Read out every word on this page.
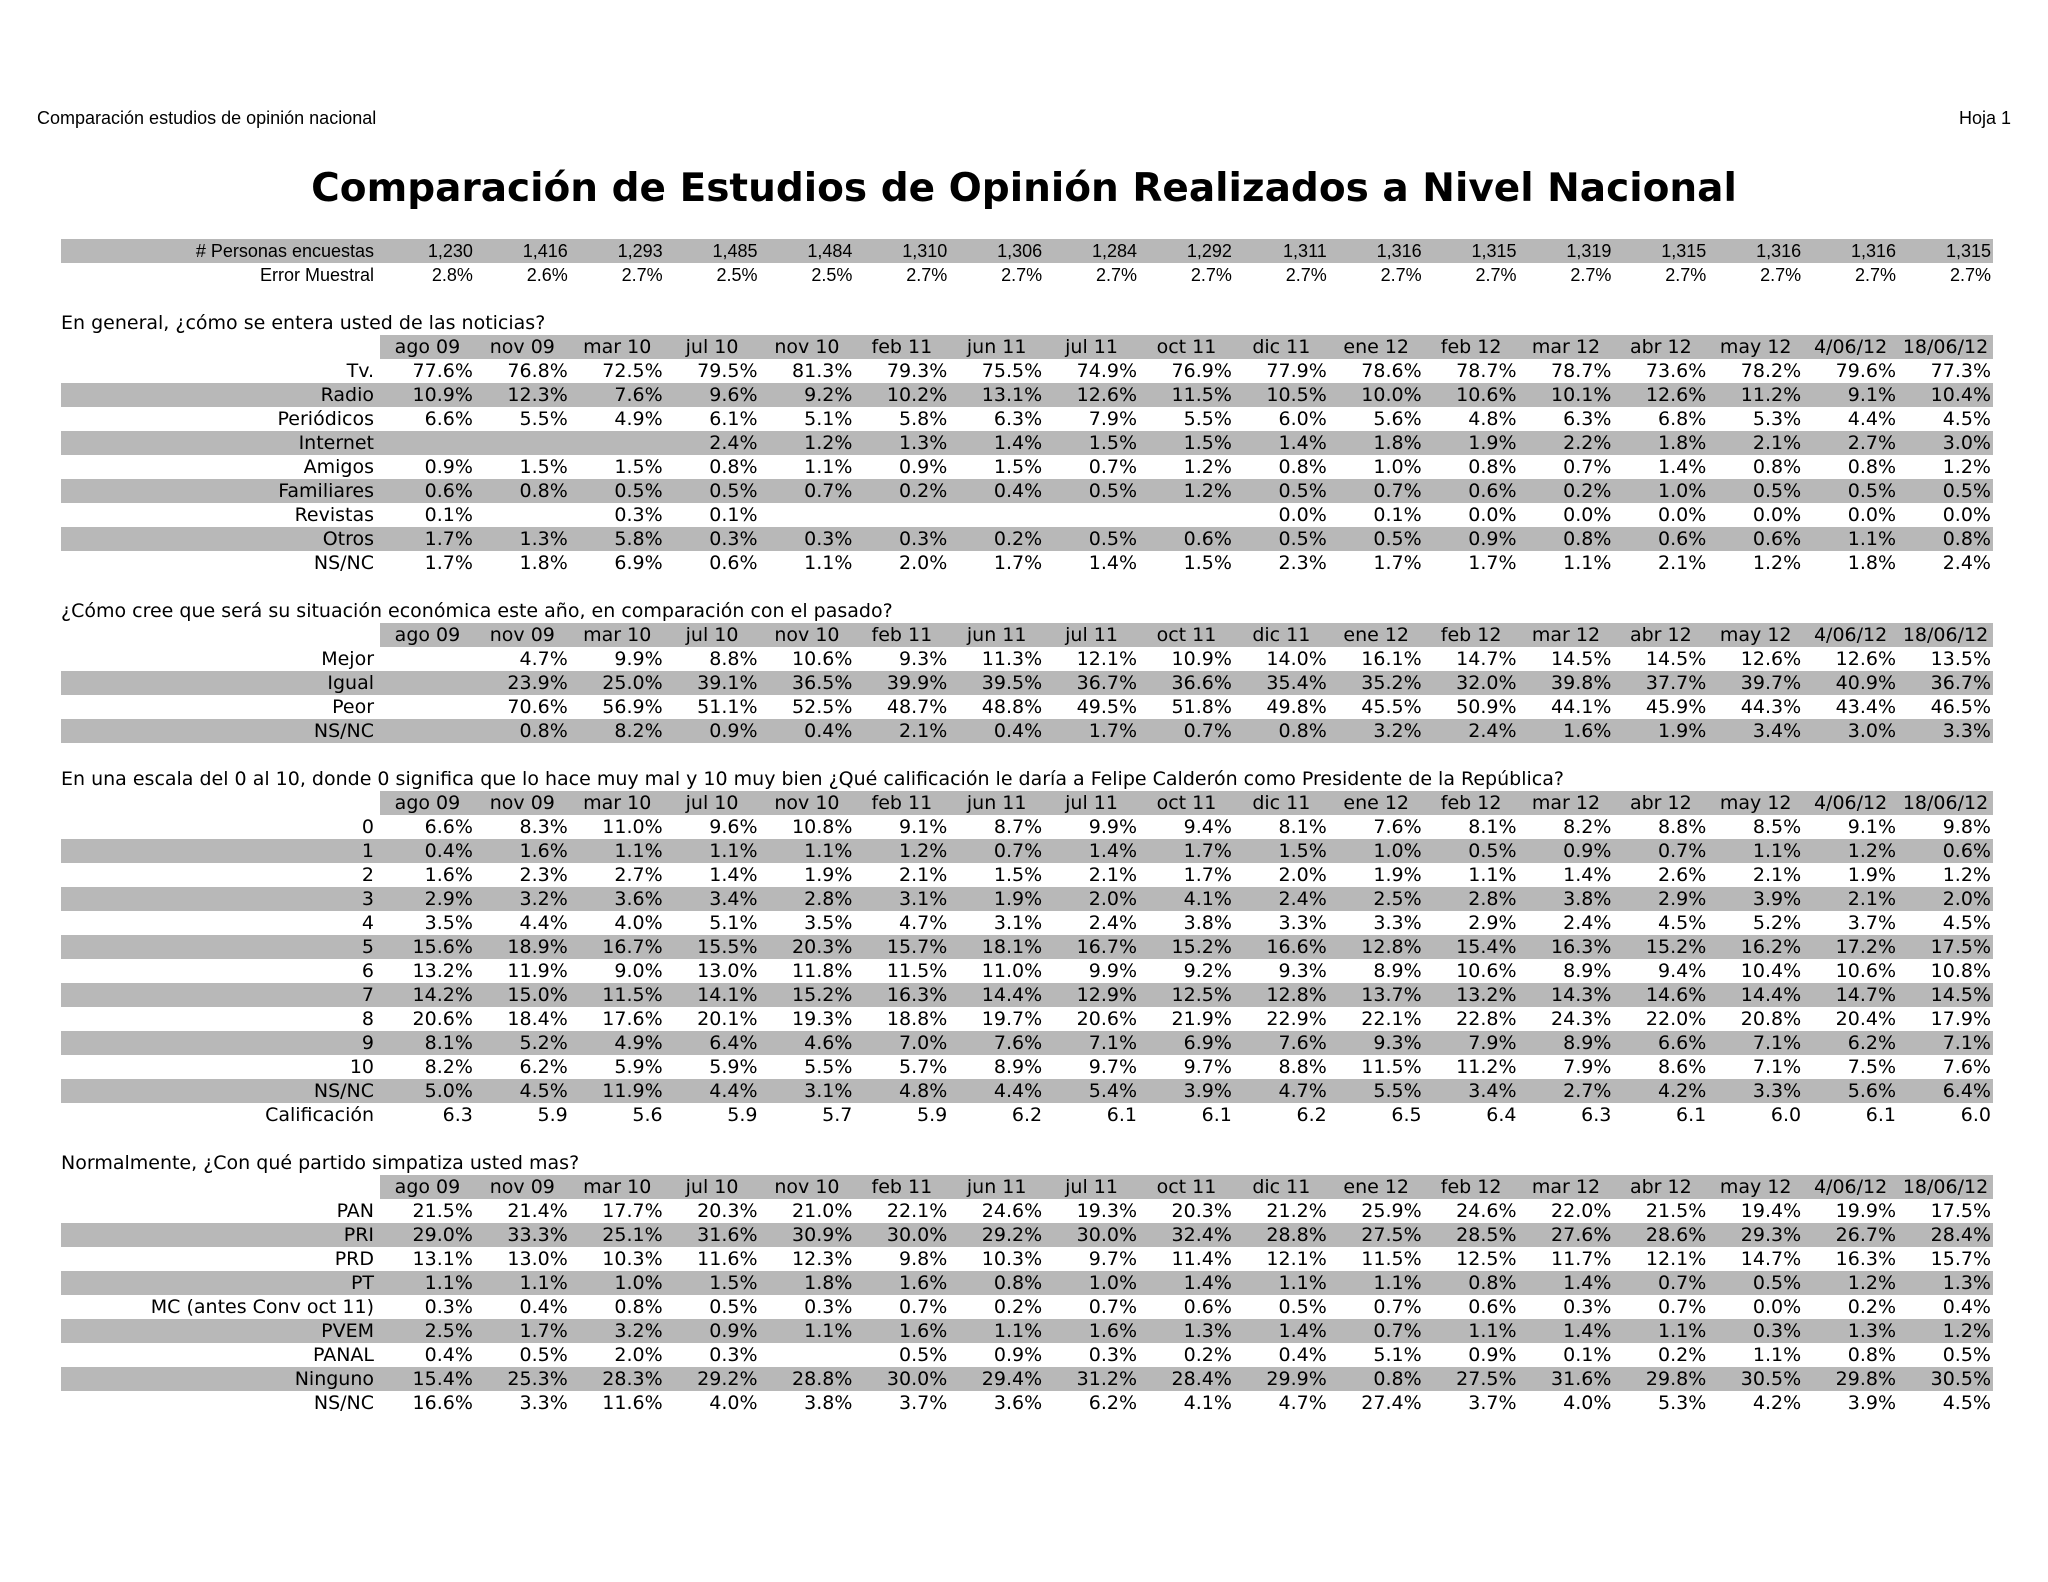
Comparación estudios de opinión nacional	Hoja 1
Comparación de Estudios de Opinión Realizados a Nivel Nacional
# Personas encuestas	1,230	1,416	1,293	1,485	1,484	1,310	1,306	1,284	1,292	1,311	1,316	1,315	1,319	1,315	1,316	1,316	1,315
Error Muestral	2.8%	2.6%	2.7%	2.5%	2.5%	2.7%	2.7%	2.7%	2.7%	2.7%	2.7%	2.7%	2.7%	2.7%	2.7%	2.7%	2.7%
En general, ¿cómo se entera usted de las noticias?
	ago 09	nov 09	mar 10	jul 10	nov 10	feb 11	jun 11	jul 11	oct 11	dic 11	ene 12	feb 12	mar 12	abr 12	may 12	4/06/12	18/06/12
Tv.	77.6%	76.8%	72.5%	79.5%	81.3%	79.3%	75.5%	74.9%	76.9%	77.9%	78.6%	78.7%	78.7%	73.6%	78.2%	79.6%	77.3%
Radio	10.9%	12.3%	7.6%	9.6%	9.2%	10.2%	13.1%	12.6%	11.5%	10.5%	10.0%	10.6%	10.1%	12.6%	11.2%	9.1%	10.4%
Periódicos	6.6%	5.5%	4.9%	6.1%	5.1%	5.8%	6.3%	7.9%	5.5%	6.0%	5.6%	4.8%	6.3%	6.8%	5.3%	4.4%	4.5%
Internet				2.4%	1.2%	1.3%	1.4%	1.5%	1.5%	1.4%	1.8%	1.9%	2.2%	1.8%	2.1%	2.7%	3.0%
Amigos	0.9%	1.5%	1.5%	0.8%	1.1%	0.9%	1.5%	0.7%	1.2%	0.8%	1.0%	0.8%	0.7%	1.4%	0.8%	0.8%	1.2%
Familiares	0.6%	0.8%	0.5%	0.5%	0.7%	0.2%	0.4%	0.5%	1.2%	0.5%	0.7%	0.6%	0.2%	1.0%	0.5%	0.5%	0.5%
Revistas	0.1%		0.3%	0.1%						0.0%	0.1%	0.0%	0.0%	0.0%	0.0%	0.0%	0.0%
Otros	1.7%	1.3%	5.8%	0.3%	0.3%	0.3%	0.2%	0.5%	0.6%	0.5%	0.5%	0.9%	0.8%	0.6%	0.6%	1.1%	0.8%
NS/NC	1.7%	1.8%	6.9%	0.6%	1.1%	2.0%	1.7%	1.4%	1.5%	2.3%	1.7%	1.7%	1.1%	2.1%	1.2%	1.8%	2.4%
¿Cómo cree que será su situación económica este año, en comparación con el pasado?
	ago 09	nov 09	mar 10	jul 10	nov 10	feb 11	jun 11	jul 11	oct 11	dic 11	ene 12	feb 12	mar 12	abr 12	may 12	4/06/12	18/06/12
Mejor		4.7%	9.9%	8.8%	10.6%	9.3%	11.3%	12.1%	10.9%	14.0%	16.1%	14.7%	14.5%	14.5%	12.6%	12.6%	13.5%
Igual		23.9%	25.0%	39.1%	36.5%	39.9%	39.5%	36.7%	36.6%	35.4%	35.2%	32.0%	39.8%	37.7%	39.7%	40.9%	36.7%
Peor		70.6%	56.9%	51.1%	52.5%	48.7%	48.8%	49.5%	51.8%	49.8%	45.5%	50.9%	44.1%	45.9%	44.3%	43.4%	46.5%
NS/NC		0.8%	8.2%	0.9%	0.4%	2.1%	0.4%	1.7%	0.7%	0.8%	3.2%	2.4%	1.6%	1.9%	3.4%	3.0%	3.3%
En una escala del 0 al 10, donde 0 significa que lo hace muy mal y 10 muy bien ¿Qué calificación le daría a Felipe Calderón como Presidente de la República?
	ago 09	nov 09	mar 10	jul 10	nov 10	feb 11	jun 11	jul 11	oct 11	dic 11	ene 12	feb 12	mar 12	abr 12	may 12	4/06/12	18/06/12
0	6.6%	8.3%	11.0%	9.6%	10.8%	9.1%	8.7%	9.9%	9.4%	8.1%	7.6%	8.1%	8.2%	8.8%	8.5%	9.1%	9.8%
1	0.4%	1.6%	1.1%	1.1%	1.1%	1.2%	0.7%	1.4%	1.7%	1.5%	1.0%	0.5%	0.9%	0.7%	1.1%	1.2%	0.6%
2	1.6%	2.3%	2.7%	1.4%	1.9%	2.1%	1.5%	2.1%	1.7%	2.0%	1.9%	1.1%	1.4%	2.6%	2.1%	1.9%	1.2%
3	2.9%	3.2%	3.6%	3.4%	2.8%	3.1%	1.9%	2.0%	4.1%	2.4%	2.5%	2.8%	3.8%	2.9%	3.9%	2.1%	2.0%
4	3.5%	4.4%	4.0%	5.1%	3.5%	4.7%	3.1%	2.4%	3.8%	3.3%	3.3%	2.9%	2.4%	4.5%	5.2%	3.7%	4.5%
5	15.6%	18.9%	16.7%	15.5%	20.3%	15.7%	18.1%	16.7%	15.2%	16.6%	12.8%	15.4%	16.3%	15.2%	16.2%	17.2%	17.5%
6	13.2%	11.9%	9.0%	13.0%	11.8%	11.5%	11.0%	9.9%	9.2%	9.3%	8.9%	10.6%	8.9%	9.4%	10.4%	10.6%	10.8%
7	14.2%	15.0%	11.5%	14.1%	15.2%	16.3%	14.4%	12.9%	12.5%	12.8%	13.7%	13.2%	14.3%	14.6%	14.4%	14.7%	14.5%
8	20.6%	18.4%	17.6%	20.1%	19.3%	18.8%	19.7%	20.6%	21.9%	22.9%	22.1%	22.8%	24.3%	22.0%	20.8%	20.4%	17.9%
9	8.1%	5.2%	4.9%	6.4%	4.6%	7.0%	7.6%	7.1%	6.9%	7.6%	9.3%	7.9%	8.9%	6.6%	7.1%	6.2%	7.1%
10	8.2%	6.2%	5.9%	5.9%	5.5%	5.7%	8.9%	9.7%	9.7%	8.8%	11.5%	11.2%	7.9%	8.6%	7.1%	7.5%	7.6%
NS/NC	5.0%	4.5%	11.9%	4.4%	3.1%	4.8%	4.4%	5.4%	3.9%	4.7%	5.5%	3.4%	2.7%	4.2%	3.3%	5.6%	6.4%
Calificación	6.3	5.9	5.6	5.9	5.7	5.9	6.2	6.1	6.1	6.2	6.5	6.4	6.3	6.1	6.0	6.1	6.0
Normalmente, ¿Con qué partido simpatiza usted mas?
	ago 09	nov 09	mar 10	jul 10	nov 10	feb 11	jun 11	jul 11	oct 11	dic 11	ene 12	feb 12	mar 12	abr 12	may 12	4/06/12	18/06/12
PAN	21.5%	21.4%	17.7%	20.3%	21.0%	22.1%	24.6%	19.3%	20.3%	21.2%	25.9%	24.6%	22.0%	21.5%	19.4%	19.9%	17.5%
PRI	29.0%	33.3%	25.1%	31.6%	30.9%	30.0%	29.2%	30.0%	32.4%	28.8%	27.5%	28.5%	27.6%	28.6%	29.3%	26.7%	28.4%
PRD	13.1%	13.0%	10.3%	11.6%	12.3%	9.8%	10.3%	9.7%	11.4%	12.1%	11.5%	12.5%	11.7%	12.1%	14.7%	16.3%	15.7%
PT	1.1%	1.1%	1.0%	1.5%	1.8%	1.6%	0.8%	1.0%	1.4%	1.1%	1.1%	0.8%	1.4%	0.7%	0.5%	1.2%	1.3%
MC (antes Conv oct 11)	0.3%	0.4%	0.8%	0.5%	0.3%	0.7%	0.2%	0.7%	0.6%	0.5%	0.7%	0.6%	0.3%	0.7%	0.0%	0.2%	0.4%
PVEM	2.5%	1.7%	3.2%	0.9%	1.1%	1.6%	1.1%	1.6%	1.3%	1.4%	0.7%	1.1%	1.4%	1.1%	0.3%	1.3%	1.2%
PANAL	0.4%	0.5%	2.0%	0.3%		0.5%	0.9%	0.3%	0.2%	0.4%	5.1%	0.9%	0.1%	0.2%	1.1%	0.8%	0.5%
Ninguno	15.4%	25.3%	28.3%	29.2%	28.8%	30.0%	29.4%	31.2%	28.4%	29.9%	0.8%	27.5%	31.6%	29.8%	30.5%	29.8%	30.5%
NS/NC	16.6%	3.3%	11.6%	4.0%	3.8%	3.7%	3.6%	6.2%	4.1%	4.7%	27.4%	3.7%	4.0%	5.3%	4.2%	3.9%	4.5%
